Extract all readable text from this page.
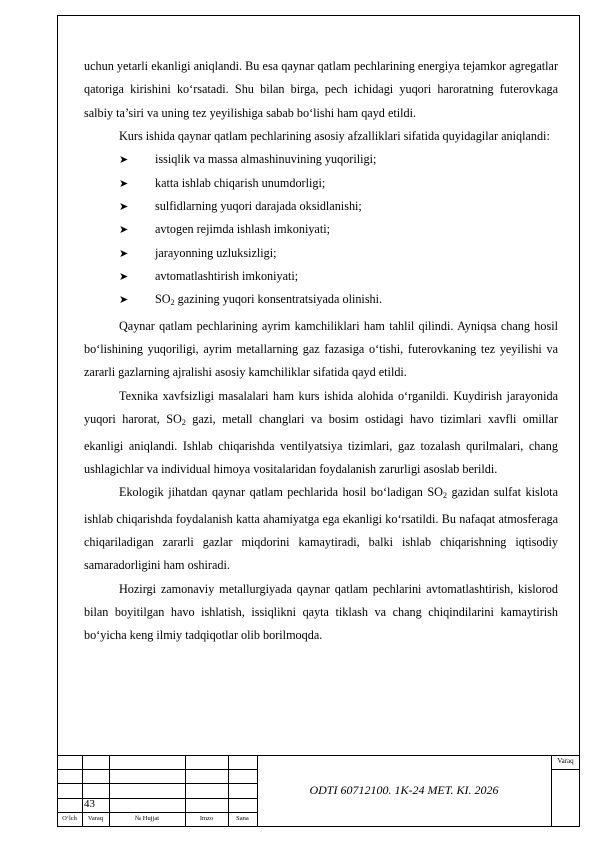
uchun yetarli ekanligi aniqlandi. Bu esa qaynar qatlam pechlarining energiya tejamkor agregatlar qatoriga kirishini ko‘rsatadi. Shu bilan birga, pech ichidagi yuqori haroratning futerovkaga salbiy ta’siri va uning tez yeyilishiga sabab bo‘lishi ham qayd etildi.

Kurs ishida qaynar qatlam pechlarining asosiy afzalliklari sifatida quyidagilar aniqlandi:

➤	issiqlik va massa almashinuvining yuqoriligi;
➤	katta ishlab chiqarish unumdorligi;
➤	sulfidlarning yuqori darajada oksidlanishi;
➤	avtogen rejimda ishlash imkoniyati;
➤	jarayonning uzluksizligi;
➤	avtomatlashtirish imkoniyati;
➤	$SO_2$ gazining yuqori konsentratsiyada olinishi.

Qaynar qatlam pechlarining ayrim kamchiliklari ham tahlil qilindi. Ayniqsa chang hosil bo‘lishining yuqoriligi, ayrim metallarning gaz fazasiga o‘tishi, futerovkaning tez yeyilishi va zararli gazlarning ajralishi asosiy kamchiliklar sifatida qayd etildi.

Texnika xavfsizligi masalalari ham kurs ishida alohida o‘rganildi. Kuydirish jarayonida yuqori harorat, $SO_2$ gazi, metall changlari va bosim ostidagi havo tizimlari xavfli omillar ekanligi aniqlandi. Ishlab chiqarishda ventilyatsiya tizimlari, gaz tozalash qurilmalari, chang ushlagichlar va individual himoya vositalaridan foydalanish zarurligi asoslab berildi.

Ekologik jihatdan qaynar qatlam pechlarida hosil bo‘ladigan $SO_2$ gazidan sulfat kislota ishlab chiqarishda foydalanish katta ahamiyatga ega ekanligi ko‘rsatildi. Bu nafaqat atmosferaga chiqariladigan zararli gazlar miqdorini kamaytiradi, balki ishlab chiqarishning iqtisodiy samaradorligini ham oshiradi.

Hozirgi zamonaviy metallurgiyada qaynar qatlam pechlarini avtomatlashtirish, kislorod bilan boyitilgan havo ishlatish, issiqlikni qayta tiklash va chang chiqindilarini kamaytirish bo‘yicha keng ilmiy tadqiqotlar olib borilmoqda.

43
ODTI 60712100. 1K-24 MET. KI. 2026
Varaq
O‘lch	Varaq	№ Hujjat	Imzo	Sana
